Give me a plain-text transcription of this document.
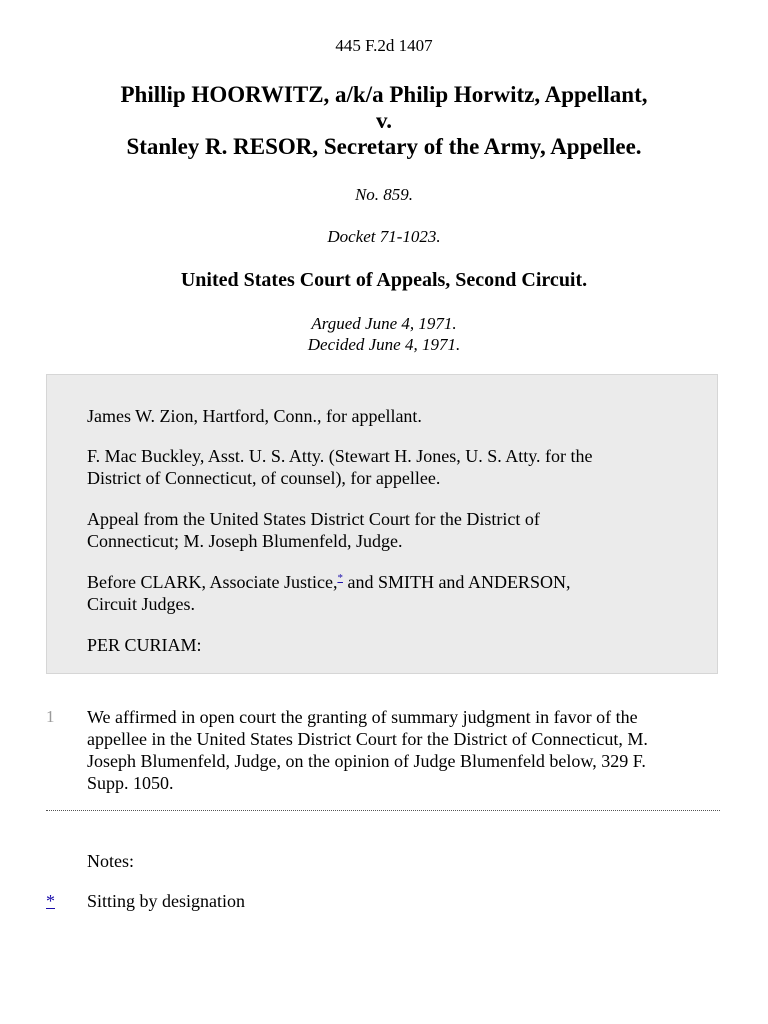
445 F.2d 1407
Phillip HOORWITZ, a/k/a Philip Horwitz, Appellant,
v.
Stanley R. RESOR, Secretary of the Army, Appellee.
No. 859.
Docket 71-1023.
United States Court of Appeals, Second Circuit.
Argued June 4, 1971.
Decided June 4, 1971.

James W. Zion, Hartford, Conn., for appellant.

F. Mac Buckley, Asst. U. S. Atty. (Stewart H. Jones, U. S. Atty. for the

District of Connecticut, of counsel), for appellee.

Appeal from the United States District Court for the District of

Connecticut; M. Joseph Blumenfeld, Judge.

Before CLARK, Associate Justice,* and SMITH and ANDERSON,

Circuit Judges.

PER CURIAM:

1 We affirmed in open court the granting of summary judgment in favor of the
appellee in the United States District Court for the District of Connecticut, M.
Joseph Blumenfeld, Judge, on the opinion of Judge Blumenfeld below, 329 F.
Supp. 1050.
Notes:
* Sitting by designation
